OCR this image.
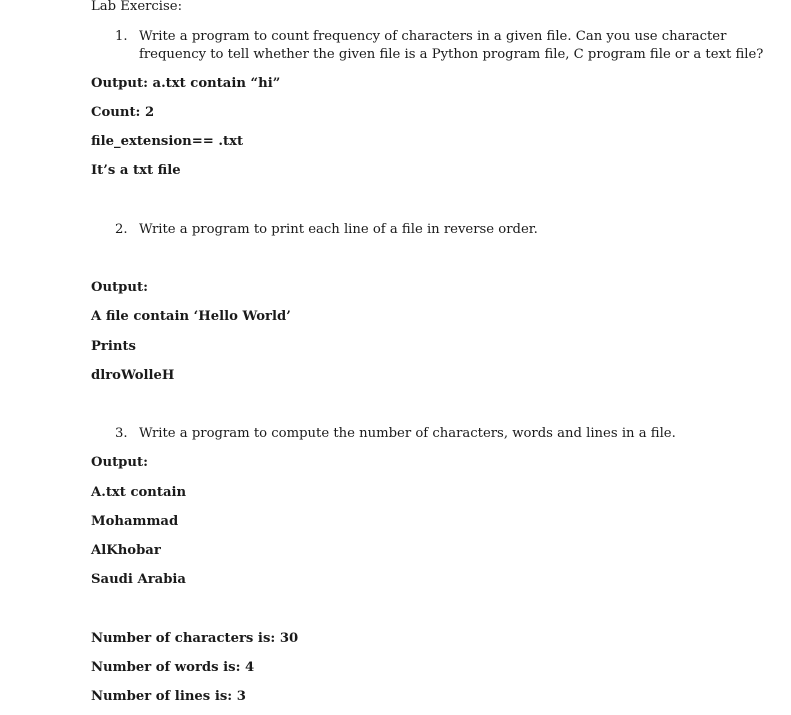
Lab Exercise:
1. Write a program to count frequency of characters in a given file. Can you use character
frequency to tell whether the given file is a Python program file, C program file or a text file?
Output: a.txt contain “hi”
Count: 2
file_extension== .txt
It’s a txt file
2. Write a program to print each line of a file in reverse order.
Output:
A file contain ‘Hello World’
Prints
dlroWolleH
3. Write a program to compute the number of characters, words and lines in a file.
Output:
A.txt contain
Mohammad
AlKhobar
Saudi Arabia
Number of characters is: 30
Number of words is: 4
Number of lines is: 3
